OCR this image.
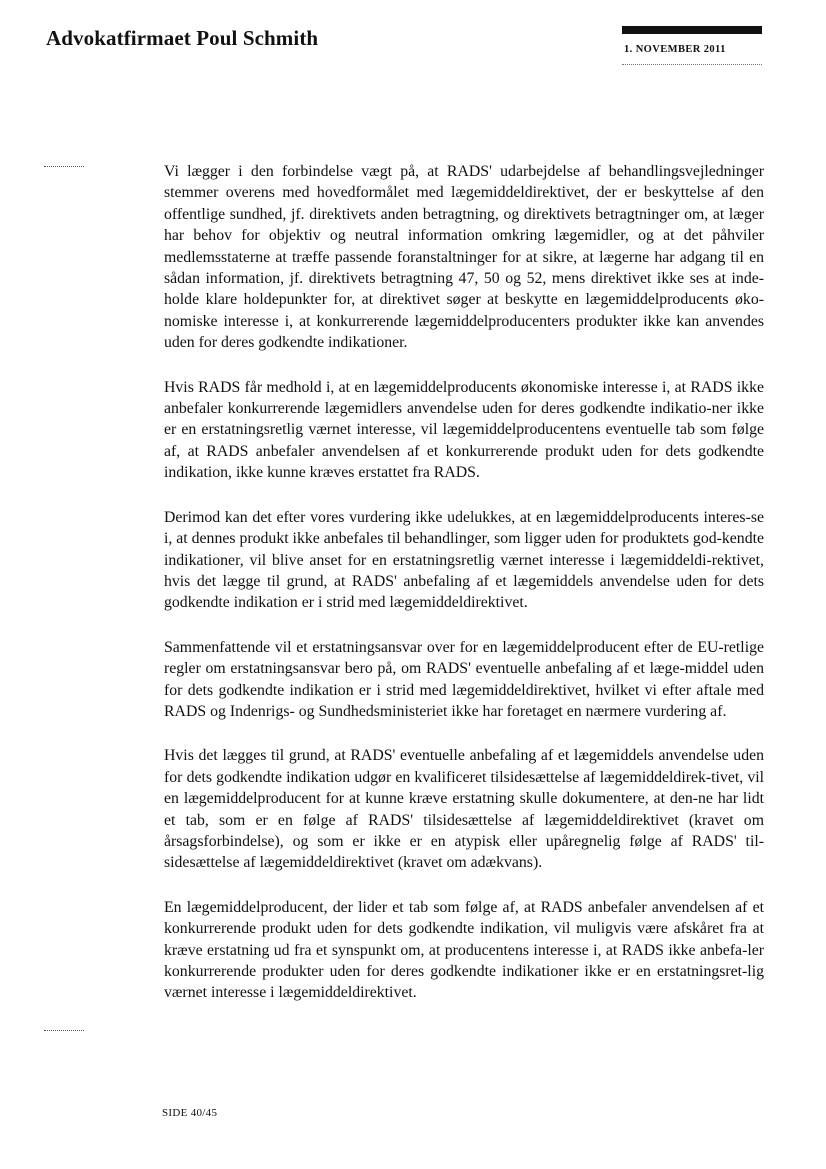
Advokatfirmaet Poul Schmith	1. NOVEMBER 2011

Vi lægger i den forbindelse vægt på, at RADS' udarbejdelse af behandlingsvejledninger stemmer overens med hovedformålet med lægemiddeldirektivet, der er beskyttelse af den offentlige sundhed, jf. direktivets anden betragtning, og direktivets betragtninger om, at læger har behov for objektiv og neutral information omkring lægemidler, og at det påhviler medlemsstaterne at træffe passende foranstaltninger for at sikre, at lægerne har adgang til en sådan information, jf. direktivets betragtning 47, 50 og 52, mens direktivet ikke ses at inde-holde klare holdepunkter for, at direktivet søger at beskytte en lægemiddelproducents øko-nomiske interesse i, at konkurrerende lægemiddelproducenters produkter ikke kan anvendes uden for deres godkendte indikationer.

Hvis RADS får medhold i, at en lægemiddelproducents økonomiske interesse i, at RADS ikke anbefaler konkurrerende lægemidlers anvendelse uden for deres godkendte indikatio-ner ikke er en erstatningsretlig værnet interesse, vil lægemiddelproducentens eventuelle tab som følge af, at RADS anbefaler anvendelsen af et konkurrerende produkt uden for dets godkendte indikation, ikke kunne kræves erstattet fra RADS.

Derimod kan det efter vores vurdering ikke udelukkes, at en lægemiddelproducents interes-se i, at dennes produkt ikke anbefales til behandlinger, som ligger uden for produktets god-kendte indikationer, vil blive anset for en erstatningsretlig værnet interesse i lægemiddeldi-rektivet, hvis det lægge til grund, at RADS' anbefaling af et lægemiddels anvendelse uden for dets godkendte indikation er i strid med lægemiddeldirektivet.

Sammenfattende vil et erstatningsansvar over for en lægemiddelproducent efter de EU-retlige regler om erstatningsansvar bero på, om RADS' eventuelle anbefaling af et læge-middel uden for dets godkendte indikation er i strid med lægemiddeldirektivet, hvilket vi efter aftale med RADS og Indenrigs- og Sundhedsministeriet ikke har foretaget en nærmere vurdering af.

Hvis det lægges til grund, at RADS' eventuelle anbefaling af et lægemiddels anvendelse uden for dets godkendte indikation udgør en kvalificeret tilsidesættelse af lægemiddeldirek-tivet, vil en lægemiddelproducent for at kunne kræve erstatning skulle dokumentere, at den-ne har lidt et tab, som er en følge af RADS' tilsidesættelse af lægemiddeldirektivet (kravet om årsagsforbindelse), og som er ikke er en atypisk eller upåregnelig følge af RADS' til-sidesættelse af lægemiddeldirektivet (kravet om adækvans).

En lægemiddelproducent, der lider et tab som følge af, at RADS anbefaler anvendelsen af et konkurrerende produkt uden for dets godkendte indikation, vil muligvis være afskåret fra at kræve erstatning ud fra et synspunkt om, at producentens interesse i, at RADS ikke anbefa-ler konkurrerende produkter uden for deres godkendte indikationer ikke er en erstatningsret-lig værnet interesse i lægemiddeldirektivet.

SIDE 40/45
